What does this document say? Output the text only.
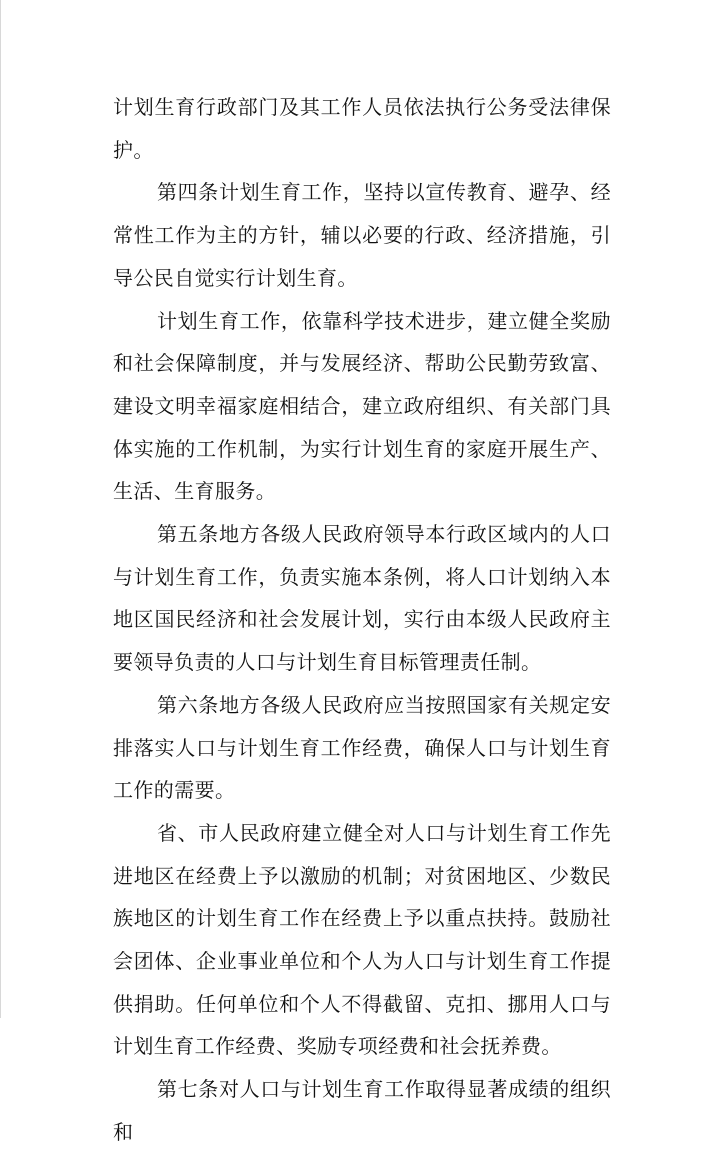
计划生育行政部门及其工作人员依法执行公务受法律保护。

第四条计划生育工作，坚持以宣传教育、避孕、经常性工作为主的方针，辅以必要的行政、经济措施，引导公民自觉实行计划生育。

计划生育工作，依靠科学技术进步，建立健全奖励和社会保障制度，并与发展经济、帮助公民勤劳致富、建设文明幸福家庭相结合，建立政府组织、有关部门具体实施的工作机制，为实行计划生育的家庭开展生产、生活、生育服务。

第五条地方各级人民政府领导本行政区域内的人口与计划生育工作，负责实施本条例，将人口计划纳入本地区国民经济和社会发展计划，实行由本级人民政府主要领导负责的人口与计划生育目标管理责任制。

第六条地方各级人民政府应当按照国家有关规定安排落实人口与计划生育工作经费，确保人口与计划生育工作的需要。

省、市人民政府建立健全对人口与计划生育工作先进地区在经费上予以激励的机制；对贫困地区、少数民族地区的计划生育工作在经费上予以重点扶持。鼓励社会团体、企业事业单位和个人为人口与计划生育工作提供捐助。任何单位和个人不得截留、克扣、挪用人口与计划生育工作经费、奖励专项经费和社会抚养费。

第七条对人口与计划生育工作取得显著成绩的组织和
